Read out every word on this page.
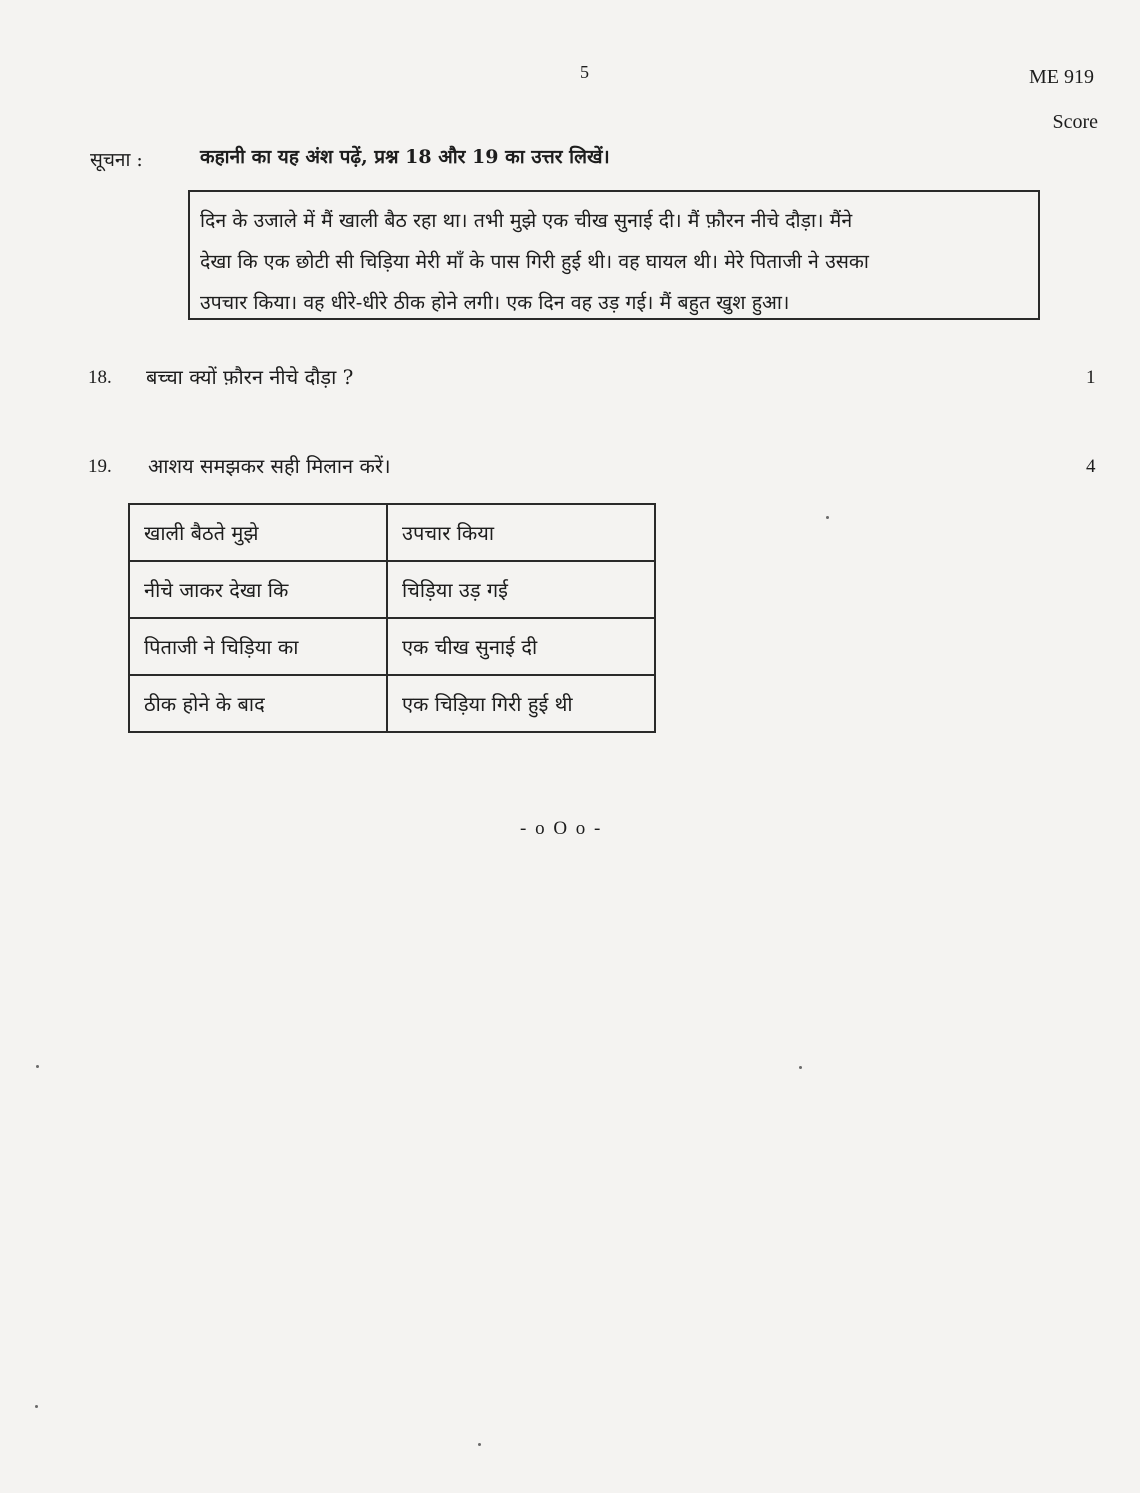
5	ME 919
Score
सूचना :	कहानी का यह अंश पढ़ें, प्रश्न 18 और 19 का उत्तर लिखें।
दिन के उजाले में मैं खाली बैठ रहा था। तभी मुझे एक चीख सुनाई दी। मैं फ़ौरन नीचे दौड़ा। मैंने
देखा कि एक छोटी सी चिड़िया मेरी माँ के पास गिरी हुई थी। वह घायल थी। मेरे पिताजी ने उसका
उपचार किया। वह धीरे-धीरे ठीक होने लगी। एक दिन वह उड़ गई। मैं बहुत खुश हुआ।
18. बच्चा क्यों फ़ौरन नीचे दौड़ा ?	1
19. आशय समझकर सही मिलान करें।	4
खाली बैठते मुझे	उपचार किया
नीचे जाकर देखा कि	चिड़िया उड़ गई
पिताजी ने चिड़िया का	एक चीख सुनाई दी
ठीक होने के बाद	एक चिड़िया गिरी हुई थी
- o O o -
